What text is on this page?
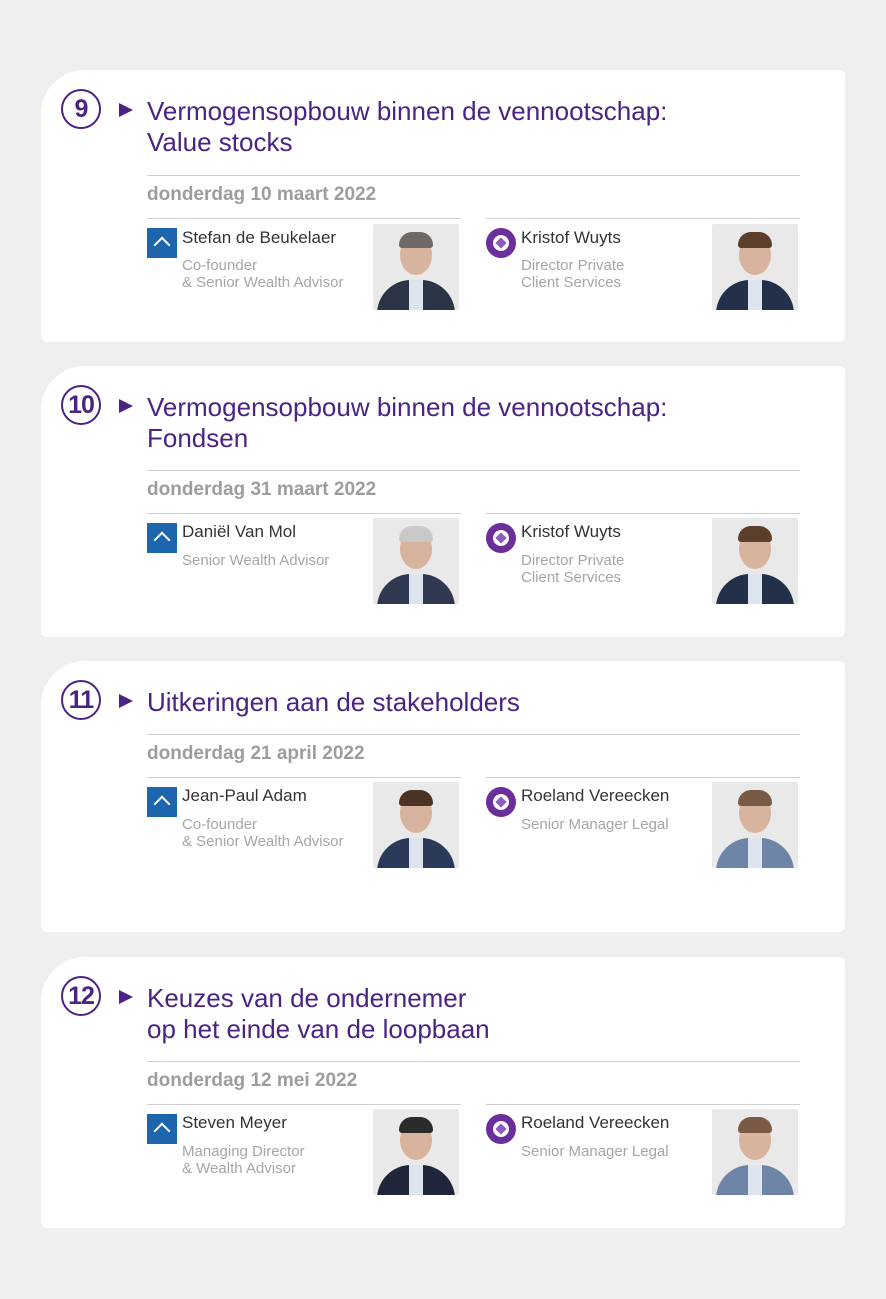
9	Vermogensopbouw binnen de vennootschap:
Value stocks
donderdag 10 maart 2022
Stefan de Beukelaer
Co-founder
& Senior Wealth Advisor
Kristof Wuyts
Director Private
Client Services
10 Vermogensopbouw binnen de vennootschap:
Fondsen
donderdag 31 maart 2022
Daniël Van Mol
Senior Wealth Advisor
Kristof Wuyts
Director Private
Client Services
11 Uitkeringen aan de stakeholders
donderdag 21 april 2022
Jean-Paul Adam
Co-founder
& Senior Wealth Advisor
Roeland Vereecken
Senior Manager Legal
12 Keuzes van de ondernemer
op het einde van de loopbaan
donderdag 12 mei 2022
Steven Meyer
Managing Director
& Wealth Advisor
Roeland Vereecken
Senior Manager Legal
